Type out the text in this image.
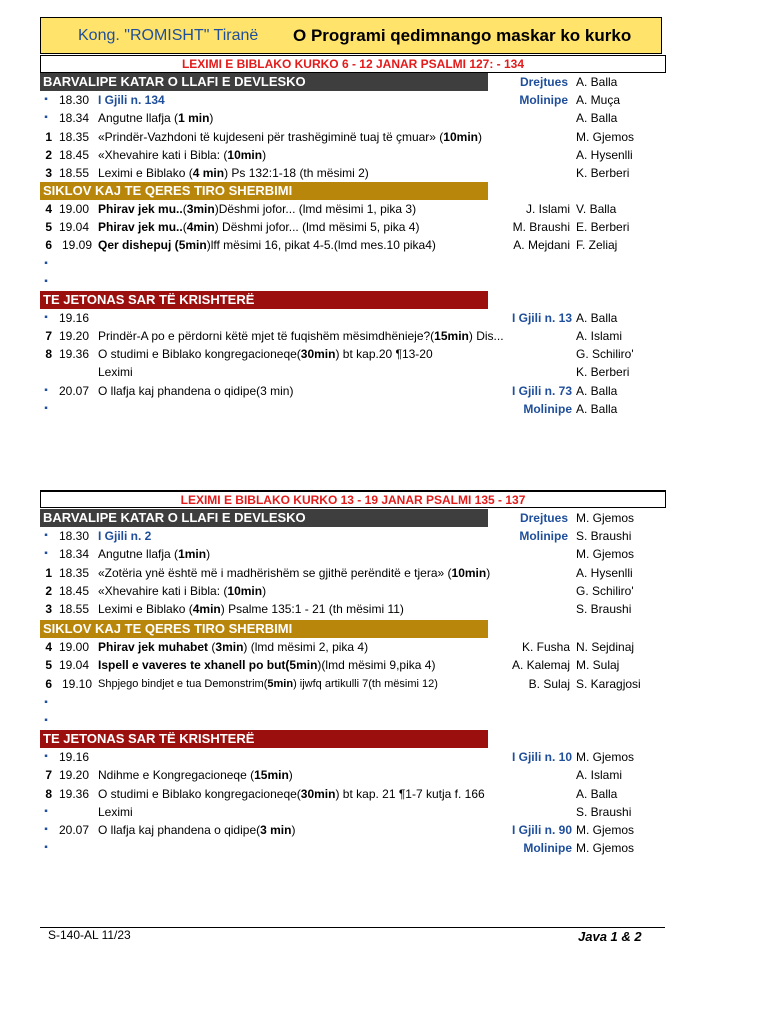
Kong. "ROMISHT" Tiranë O Programi qedimnango maskar ko kurko
LEXIMI E BIBLAKO KURKO 6 - 12 JANAR PSALMI 127: - 134
BARVALIPE KATAR O LLAFI E DEVLESKO	Drejtues A. Balla
▪ 18.30 I Gjili n. 134	Molinipe A. Muça
▪ 18.34 Angutne llafja (1 min)	A. Balla
1 18.35 «Prindër-Vazhdoni të kujdeseni për trashëgiminë tuaj të çmuar» (10min)	M. Gjemos
2 18.45 «Xhevahire kati i Bibla: (10min)	A. Hysenlli
3 18.55 Leximi e Biblako (4 min) Ps 132:1-18 (th mësimi 2)	K. Berberi
SIKLOV KAJ TE QERES TIRO SHERBIMI
4 19.00 Phirav jek mu..(3min)Dëshmi jofor... (lmd mësimi 1, pika 3)	J. Islami V. Balla
5 19.04 Phirav jek mu..(4min) Dëshmi jofor... (lmd mësimi 5, pika 4)	M. Braushi E. Berberi
6 19.09 Qer dishepuj (5min)lff mësimi 16, pikat 4-5.(lmd mes.10 pika4)	A. Mejdani F. Zeliaj
▪
▪
TE JETONAS SAR TË KRISHTERË
▪ 19.16	I Gjili n. 13 A. Balla
7 19.20 Prindër-A po e përdorni këtë mjet të fuqishëm mësimdhënieje?(15min) Dis...	A. Islami
8 19.36 O studimi e Biblako kongregacioneqe(30min) bt kap.20 ¶13-20	G. Schiliro'
Leximi	K. Berberi
▪ 20.07 O llafja kaj phandena o qidipe(3 min)	I Gjili n. 73 A. Balla
▪	Molinipe A. Balla
LEXIMI E BIBLAKO KURKO 13 - 19 JANAR PSALMI 135 - 137
BARVALIPE KATAR O LLAFI E DEVLESKO	Drejtues M. Gjemos
▪ 18.30 I Gjili n. 2	Molinipe S. Braushi
▪ 18.34 Angutne llafja (1min)	M. Gjemos
1 18.35 «Zotëria ynë është më i madhërishëm se gjithë perënditë e tjera» (10min)	A. Hysenlli
2 18.45 «Xhevahire kati i Bibla: (10min)	G. Schiliro'
3 18.55 Leximi e Biblako (4min) Psalme 135:1 - 21 (th mësimi 11)	S. Braushi
SIKLOV KAJ TE QERES TIRO SHERBIMI
4 19.00 Phirav jek muhabet (3min) (lmd mësimi 2, pika 4)	K. Fusha N. Sejdinaj
5 19.04 Ispell e vaveres te xhanell po but(5min)(lmd mësimi 9,pika 4)	A. Kalemaj M. Sulaj
6 19.10 Shpjego bindjet e tua Demonstrim(5min) ijwfq artikulli 7(th mësimi 12)	B. Sulaj S. Karagjosi
▪
▪
TE JETONAS SAR TË KRISHTERË
▪ 19.16	I Gjili n. 10 M. Gjemos
7 19.20 Ndihme e Kongregacioneqe (15min)	A. Islami
8 19.36 O studimi e Biblako kongregacioneqe(30min) bt kap. 21 ¶1-7 kutja f. 166	A. Balla
▪	Leximi	S. Braushi
▪ 20.07 O llafja kaj phandena o qidipe(3 min)	I Gjili n. 90 M. Gjemos
▪	Molinipe M. Gjemos
S-140-AL 11/23	Java 1 & 2
